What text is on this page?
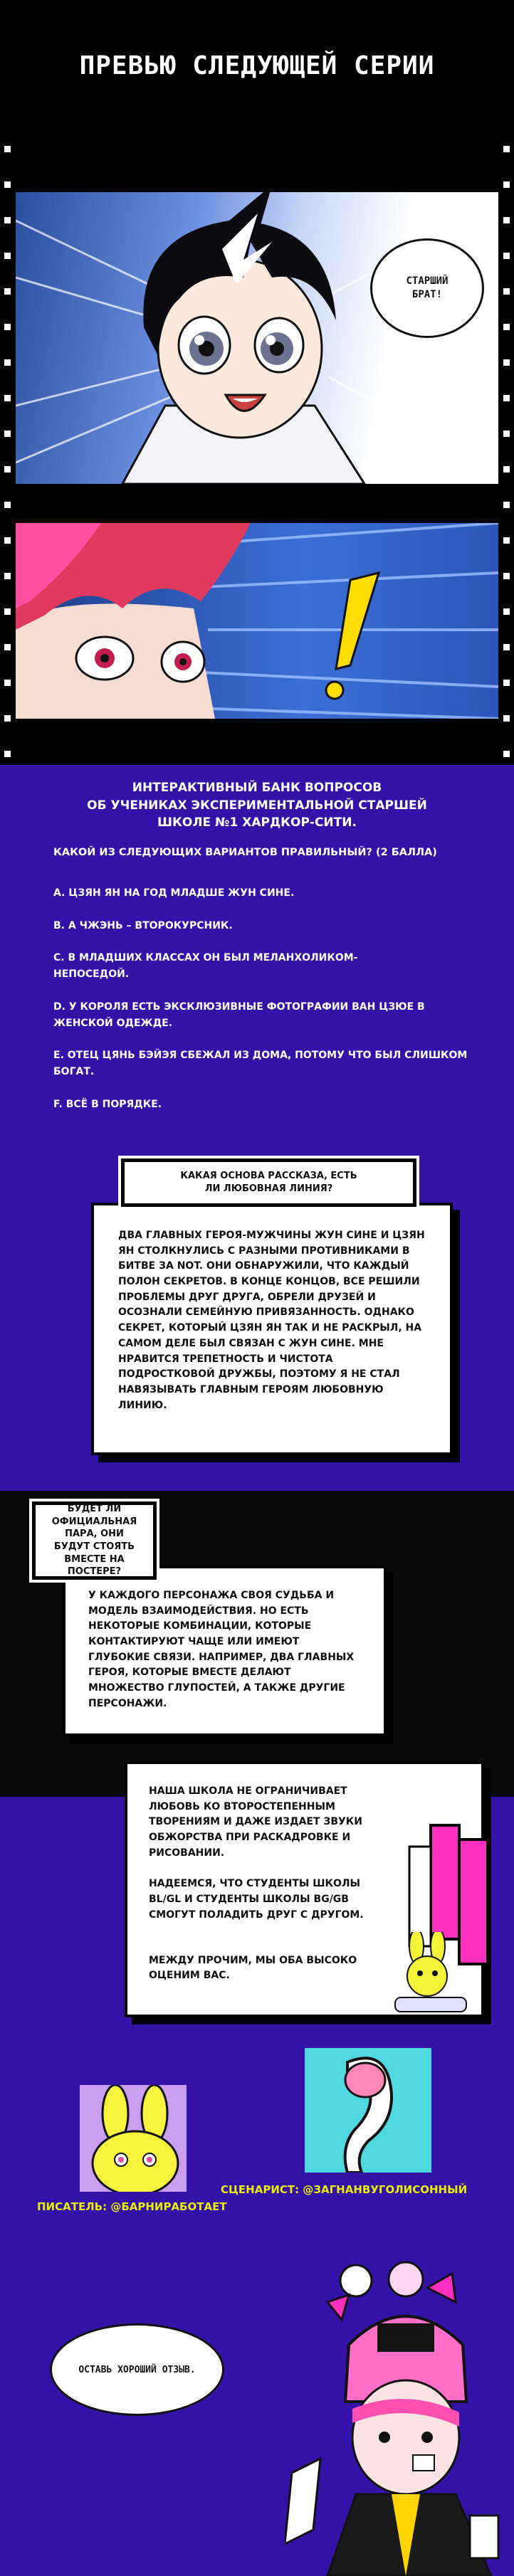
ПРЕВЬЮ СЛЕДУЮЩЕЙ СЕРИИ
СТАРШИЙ
БРАТ!
ИНТЕРАКТИВНЫЙ БАНК ВОПРОСОВ
ОБ УЧЕНИКАХ ЭКСПЕРИМЕНТАЛЬНОЙ СТАРШЕЙ
ШКОЛЕ №1 ХАРДКОР-СИТИ.
КАКОЙ ИЗ СЛЕДУЮЩИХ ВАРИАНТОВ ПРАВИЛЬНЫЙ? (2 БАЛЛА)
A. ЦЗЯН ЯН НА ГОД МЛАДШЕ ЖУН СИНЕ.
B. А ЧЖЭНЬ – ВТОРОКУРСНИК.
C. В МЛАДШИХ КЛАССАХ ОН БЫЛ МЕЛАНХОЛИКОМ-НЕПОСЕДОЙ.
D. У КОРОЛЯ ЕСТЬ ЭКСКЛЮЗИВНЫЕ ФОТОГРАФИИ ВАН ЦЗЮЕ В ЖЕНСКОЙ ОДЕЖДЕ.
E. ОТЕЦ ЦЯНЬ БЭЙЭЯ СБЕЖАЛ ИЗ ДОМА, ПОТОМУ ЧТО БЫЛ СЛИШКОМ БОГАТ.
F. ВСЁ В ПОРЯДКЕ.
ДВА ГЛАВНЫХ ГЕРОЯ-МУЖЧИНЫ ЖУН СИНЕ И ЦЗЯН ЯН СТОЛКНУЛИСЬ С РАЗНЫМИ ПРОТИВНИКАМИ В БИТВЕ ЗА NOT. ОНИ ОБНАРУЖИЛИ, ЧТО КАЖДЫЙ ПОЛОН СЕКРЕТОВ. В КОНЦЕ КОНЦОВ, ВСЕ РЕШИЛИ ПРОБЛЕМЫ ДРУГ ДРУГА, ОБРЕЛИ ДРУЗЕЙ И ОСОЗНАЛИ СЕМЕЙНУЮ ПРИВЯЗАННОСТЬ. ОДНАКО СЕКРЕТ, КОТОРЫЙ ЦЗЯН ЯН ТАК И НЕ РАСКРЫЛ, НА САМОМ ДЕЛЕ БЫЛ СВЯЗАН С ЖУН СИНЕ. МНЕ НРАВИТСЯ ТРЕПЕТНОСТЬ И ЧИСТОТА ПОДРОСТКОВОЙ ДРУЖБЫ, ПОЭТОМУ Я НЕ СТАЛ НАВЯЗЫВАТЬ ГЛАВНЫМ ГЕРОЯМ ЛЮБОВНУЮ ЛИНИЮ.
КАКАЯ ОСНОВА РАССКАЗА, ЕСТЬ ЛИ ЛЮБОВНАЯ ЛИНИЯ?
У КАЖДОГО ПЕРСОНАЖА СВОЯ СУДЬБА И МОДЕЛЬ ВЗАИМОДЕЙСТВИЯ. НО ЕСТЬ НЕКОТОРЫЕ КОМБИНАЦИИ, КОТОРЫЕ КОНТАКТИРУЮТ ЧАЩЕ ИЛИ ИМЕЮТ ГЛУБОКИЕ СВЯЗИ. НАПРИМЕР, ДВА ГЛАВНЫХ ГЕРОЯ, КОТОРЫЕ ВМЕСТЕ ДЕЛАЮТ МНОЖЕСТВО ГЛУПОСТЕЙ, А ТАКЖЕ ДРУГИЕ ПЕРСОНАЖИ.
БУДЕТ ЛИ ОФИЦИАЛЬНАЯ ПАРА, ОНИ БУДУТ СТОЯТЬ ВМЕСТЕ НА ПОСТЕРЕ?
НАША ШКОЛА НЕ ОГРАНИЧИВАЕТ ЛЮБОВЬ КО ВТОРОСТЕПЕННЫМ ТВОРЕНИЯМ И ДАЖЕ ИЗДАЕТ ЗВУКИ ОБЖОРСТВА ПРИ РАСКАДРОВКЕ И РИСОВАНИИ.
НАДЕЕМСЯ, ЧТО СТУДЕНТЫ ШКОЛЫ BL/GL И СТУДЕНТЫ ШКОЛЫ BG/GB СМОГУТ ПОЛАДИТЬ ДРУГ С ДРУГОМ.
МЕЖДУ ПРОЧИМ, МЫ ОБА ВЫСОКО ОЦЕНИМ ВАС.
ПИСАТЕЛЬ: @БАРНИРАБОТАЕТ
СЦЕНАРИСТ: @ЗАГНАНВУГОЛИСОННЫЙ
ОСТАВЬ ХОРОШИЙ ОТЗЫВ.
